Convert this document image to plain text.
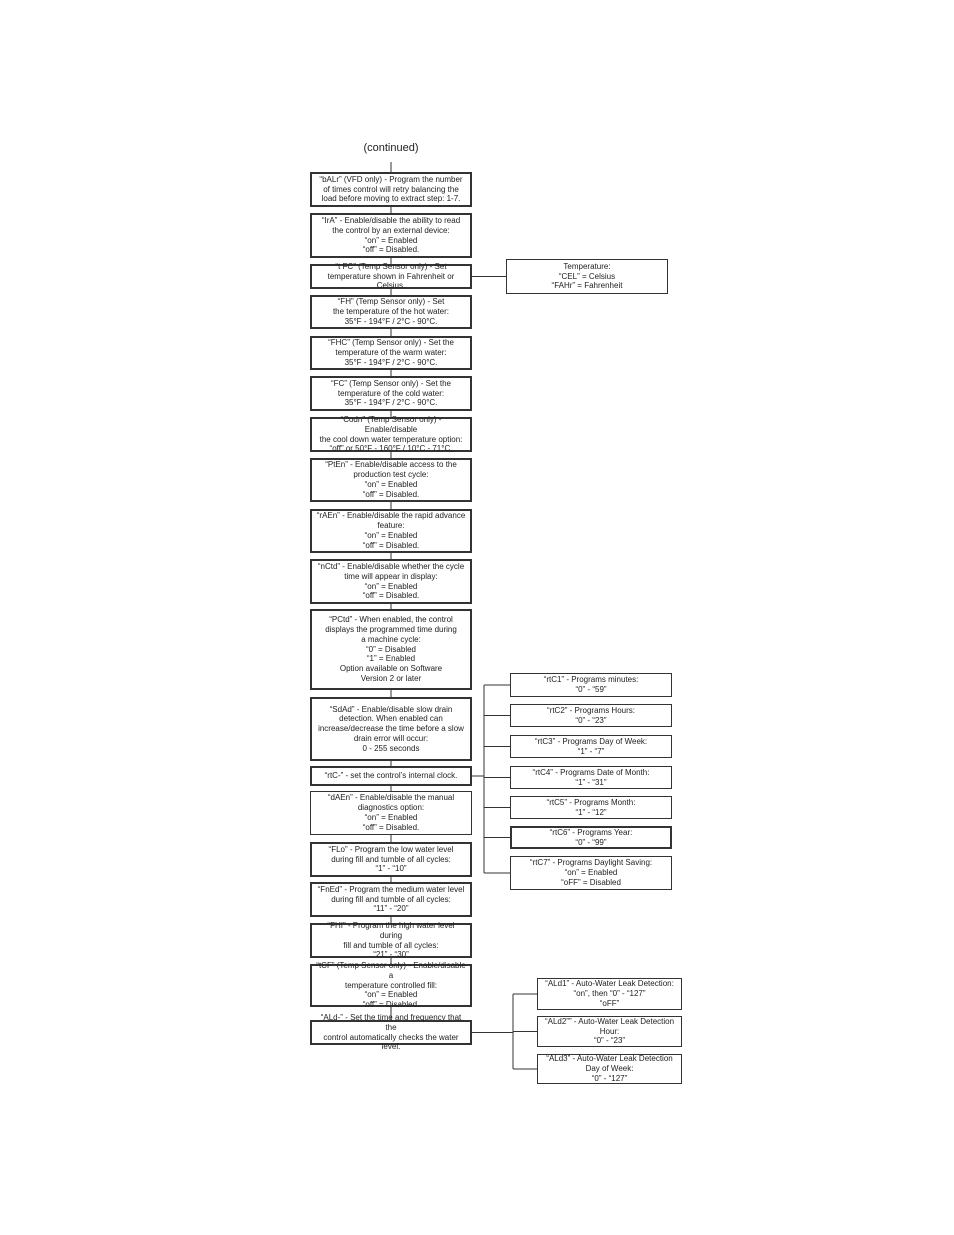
(continued)
“bALr” (VFD only) - Program the number
of times control will retry balancing the
load before moving to extract step: 1-7.
“IrA” - Enable/disable the ability to read
the control by an external device:
“on” = Enabled
“off” = Disabled.
“t FC” (Temp Sensor only) - Set
temperature shown in Fahrenheit or Celsius.
“FH” (Temp Sensor only) - Set
the temperature of the hot water:
35°F - 194°F / 2°C - 90°C.
“FHC” (Temp Sensor only) - Set the
temperature of the warm water:
35°F - 194°F / 2°C - 90°C.
“FC” (Temp Sensor only) - Set the
temperature of the cold water:
35°F - 194°F / 2°C - 90°C.
“Codn” (Temp Sensor only) - Enable/disable
the cool down water temperature option:
“off” or 50°F - 160°F / 10°C - 71°C.
“PtEn” - Enable/disable access to the
production test cycle:
“on” = Enabled
“off” = Disabled.
“rAEn” - Enable/disable the rapid advance
feature:
“on” = Enabled
“off” = Disabled.
“nCtd” - Enable/disable whether the cycle
time will appear in display:
“on” = Enabled
“off” = Disabled.
“PCtd” - When enabled, the control
displays the programmed time during
a machine cycle:
“0” = Disabled
“1” = Enabled
Option available on Software
Version 2 or later
“SdAd” - Enable/disable slow drain
detection. When enabled can
increase/decrease the time before a slow
drain error will occur:
0 - 255 seconds
“rtC-” - set the control’s internal clock.
“dAEn” - Enable/disable the manual
diagnostics option:
“on” = Enabled
“off” = Disabled.
“FLo” - Program the low water level
during fill and tumble of all cycles:
“1” - “10”
“FnEd” - Program the medium water level
during fill and tumble of all cycles:
“11” - “20”
“FHI” - Program the high water level during
fill and tumble of all cycles:
“21” - “30”
“tCF” (Temp Sensor only) - Enable/disable a
temperature controlled fill:
“on” = Enabled
“off” = Disabled.
“ALd-” - Set the time and frequency that the
control automatically checks the water level.
Temperature:
“CEL” = Celsius
“FAHr” = Fahrenheit
“rtC1” - Programs minutes:
“0” - “59”
“rtC2” - Programs Hours:
“0” - “23”
“rtC3” - Programs Day of Week:
“1” - “7”
“rtC4” - Programs Date of Month:
“1” - “31”
“rtC5” - Programs Month:
“1” - “12”
“rtC6” - Programs Year:
“0” - “99”
“rtC7” - Programs Daylight Saving:
“on” = Enabled
“oFF” = Disabled
“ALd1” - Auto-Water Leak Detection:
“on”, then “0” - “127”
“oFF”
“ALd2”” - Auto-Water Leak Detection
Hour:
“0” - “23”
“ALd3” - Auto-Water Leak Detection
Day of Week:
“0” - “127”
